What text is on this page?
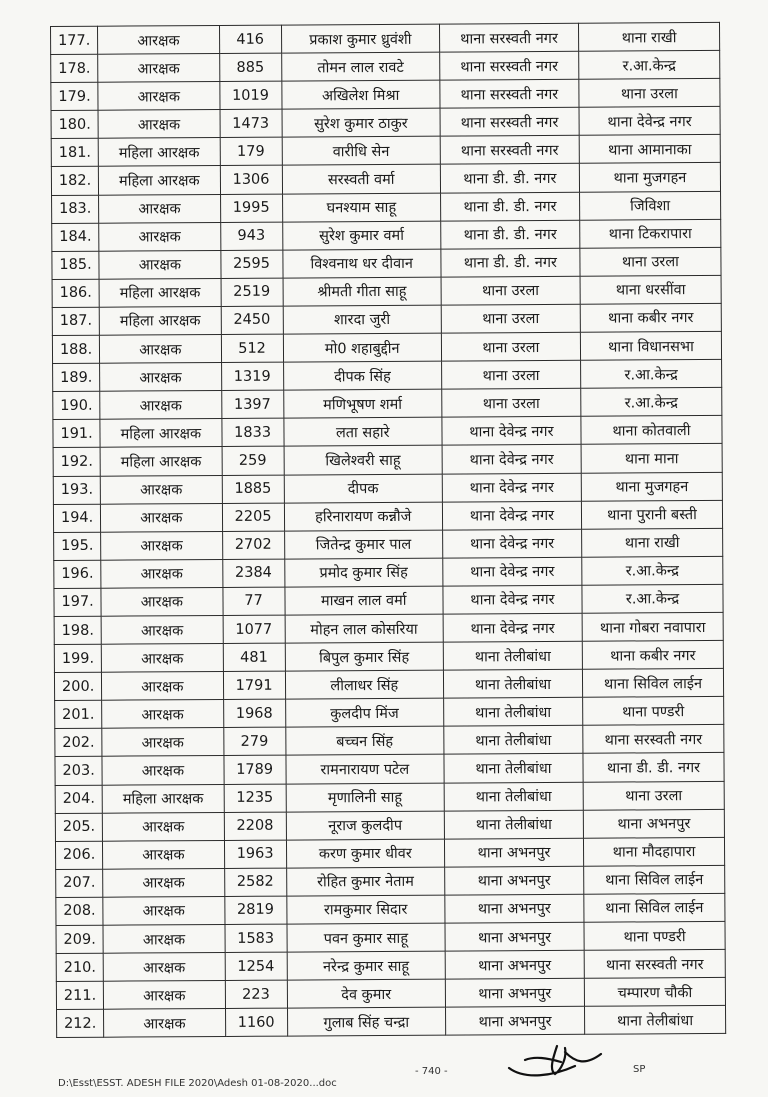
177.	आरक्षक	416	प्रकाश कुमार ध्रुवंशी	थाना सरस्वती नगर	थाना राखी
178.	आरक्षक	885	तोमन लाल रावटे	थाना सरस्वती नगर	र.आ.केन्द्र
179.	आरक्षक	1019	अखिलेश मिश्रा	थाना सरस्वती नगर	थाना उरला
180.	आरक्षक	1473	सुरेश कुमार ठाकुर	थाना सरस्वती नगर	थाना देवेन्द्र नगर
181.	महिला आरक्षक	179	वारीधि सेन	थाना सरस्वती नगर	थाना आमानाका
182.	महिला आरक्षक	1306	सरस्वती वर्मा	थाना डी. डी. नगर	थाना मुजगहन
183.	आरक्षक	1995	घनश्याम साहू	थाना डी. डी. नगर	जिविशा
184.	आरक्षक	943	सुरेश कुमार वर्मा	थाना डी. डी. नगर	थाना टिकरापारा
185.	आरक्षक	2595	विश्वनाथ धर दीवान	थाना डी. डी. नगर	थाना उरला
186.	महिला आरक्षक	2519	श्रीमती गीता साहू	थाना उरला	थाना धरसींवा
187.	महिला आरक्षक	2450	शारदा जुरी	थाना उरला	थाना कबीर नगर
188.	आरक्षक	512	मो0 शहाबुद्दीन	थाना उरला	थाना विधानसभा
189.	आरक्षक	1319	दीपक सिंह	थाना उरला	र.आ.केन्द्र
190.	आरक्षक	1397	मणिभूषण शर्मा	थाना उरला	र.आ.केन्द्र
191.	महिला आरक्षक	1833	लता सहारे	थाना देवेन्द्र नगर	थाना कोतवाली
192.	महिला आरक्षक	259	खिलेश्वरी साहू	थाना देवेन्द्र नगर	थाना माना
193.	आरक्षक	1885	दीपक	थाना देवेन्द्र नगर	थाना मुजगहन
194.	आरक्षक	2205	हरिनारायण कन्नौजे	थाना देवेन्द्र नगर	थाना पुरानी बस्ती
195.	आरक्षक	2702	जितेन्द्र कुमार पाल	थाना देवेन्द्र नगर	थाना राखी
196.	आरक्षक	2384	प्रमोद कुमार सिंह	थाना देवेन्द्र नगर	र.आ.केन्द्र
197.	आरक्षक	77	माखन लाल वर्मा	थाना देवेन्द्र नगर	र.आ.केन्द्र
198.	आरक्षक	1077	मोहन लाल कोसरिया	थाना देवेन्द्र नगर	थाना गोबरा नवापारा
199.	आरक्षक	481	बिपुल कुमार सिंह	थाना तेलीबांधा	थाना कबीर नगर
200.	आरक्षक	1791	लीलाधर सिंह	थाना तेलीबांधा	थाना सिविल लाईन
201.	आरक्षक	1968	कुलदीप मिंज	थाना तेलीबांधा	थाना पण्डरी
202.	आरक्षक	279	बच्चन सिंह	थाना तेलीबांधा	थाना सरस्वती नगर
203.	आरक्षक	1789	रामनारायण पटेल	थाना तेलीबांधा	थाना डी. डी. नगर
204.	महिला आरक्षक	1235	मृणालिनी साहू	थाना तेलीबांधा	थाना उरला
205.	आरक्षक	2208	नूराज कुलदीप	थाना तेलीबांधा	थाना अभनपुर
206.	आरक्षक	1963	करण कुमार धीवर	थाना अभनपुर	थाना मौदहापारा
207.	आरक्षक	2582	रोहित कुमार नेताम	थाना अभनपुर	थाना सिविल लाईन
208.	आरक्षक	2819	रामकुमार सिदार	थाना अभनपुर	थाना सिविल लाईन
209.	आरक्षक	1583	पवन कुमार साहू	थाना अभनपुर	थाना पण्डरी
210.	आरक्षक	1254	नरेन्द्र कुमार साहू	थाना अभनपुर	थाना सरस्वती नगर
211.	आरक्षक	223	देव कुमार	थाना अभनपुर	चम्पारण चौकी
212.	आरक्षक	1160	गुलाब सिंह चन्द्रा	थाना अभनपुर	थाना तेलीबांधा
D:\Esst\ESST. ADESH FILE 2020\Adesh 01-08-2020...doc
- 740 -	SP
